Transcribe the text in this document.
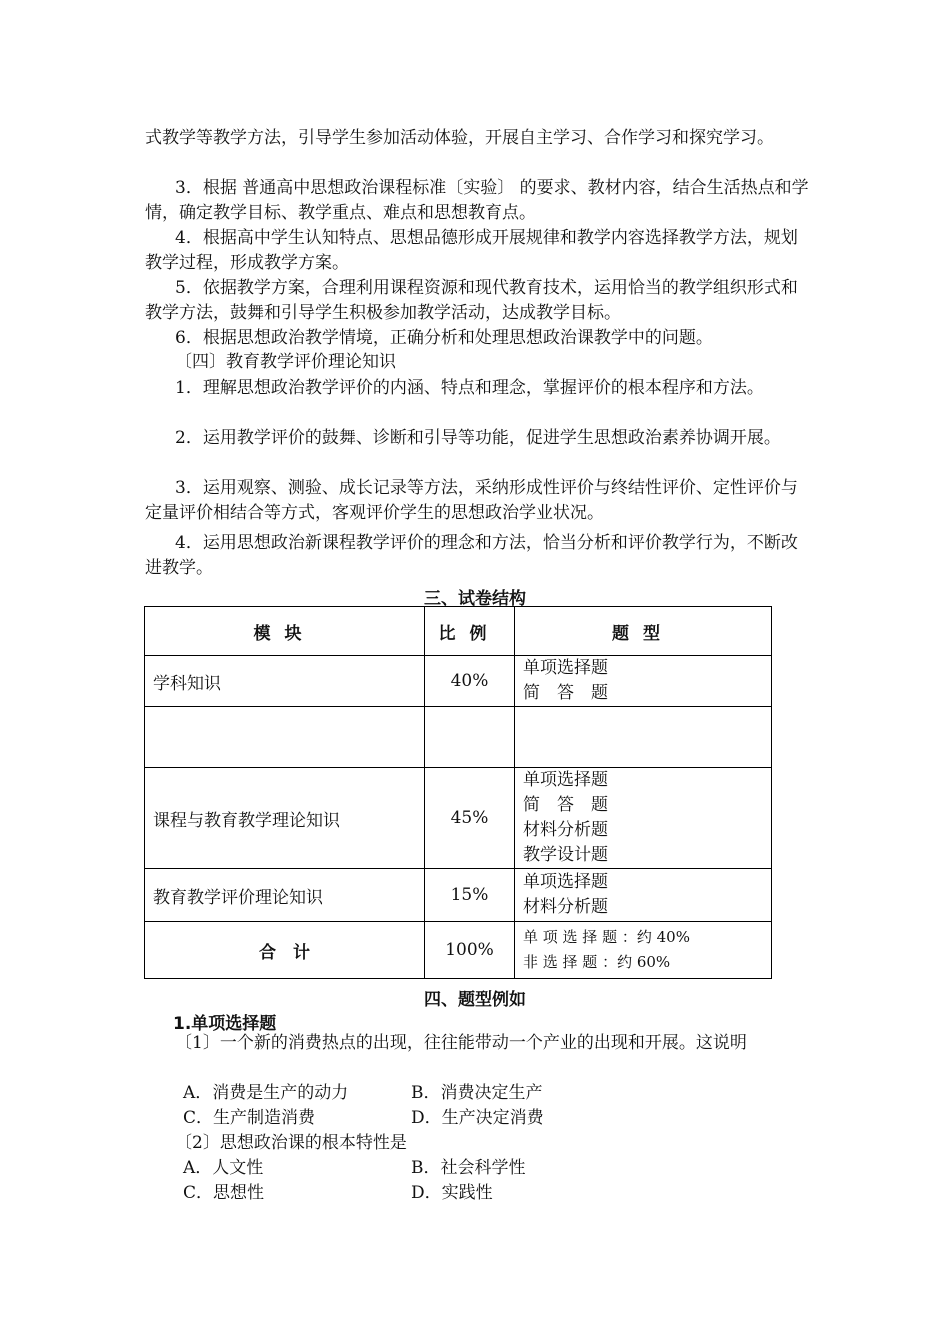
式教学等教学方法，引导学生参加活动体验，开展自主学习、合作学习和探究学习。
3．根据 普通高中思想政治课程标准〔实验〕 的要求、教材内容，结合生活热点和学情，确定教学目标、教学重点、难点和思想教育点。
4．根据高中学生认知特点、思想品德形成开展规律和教学内容选择教学方法，规划教学过程，形成教学方案。
5．依据教学方案，合理利用课程资源和现代教育技术，运用恰当的教学组织形式和教学方法，鼓舞和引导学生积极参加教学活动，达成教学目标。
6．根据思想政治教学情境，正确分析和处理思想政治课教学中的问题。
〔四〕教育教学评价理论知识
1．理解思想政治教学评价的内涵、特点和理念，掌握评价的根本程序和方法。
2．运用教学评价的鼓舞、诊断和引导等功能，促进学生思想政治素养协调开展。
3．运用观察、测验、成长记录等方法，采纳形成性评价与终结性评价、定性评价与定量评价相结合等方式，客观评价学生的思想政治学业状况。
4．运用思想政治新课程教学评价的理念和方法，恰当分析和评价教学行为，不断改进教学。
三、试卷结构
模块	比例	题型
学科知识	40%	单项选择题
简　答　题

课程与教育教学理论知识	45%	单项选择题
简　答　题
材料分析题
教学设计题

教育教学评价理论知识	15%	单项选择题
材料分析题

合　计	100%	单 项 选 择 题 ：约 40%
非 选 择 题 ：约 60%
四、题型例如
1.单项选择题
〔1〕一个新的消费热点的出现，往往能带动一个产业的出现和开展。这说明
A．消费是生产的动力	B．消费决定生产
C．生产制造消费	D．生产决定消费
〔2〕思想政治课的根本特性是
A．人文性	B．社会科学性
C．思想性	D．实践性
